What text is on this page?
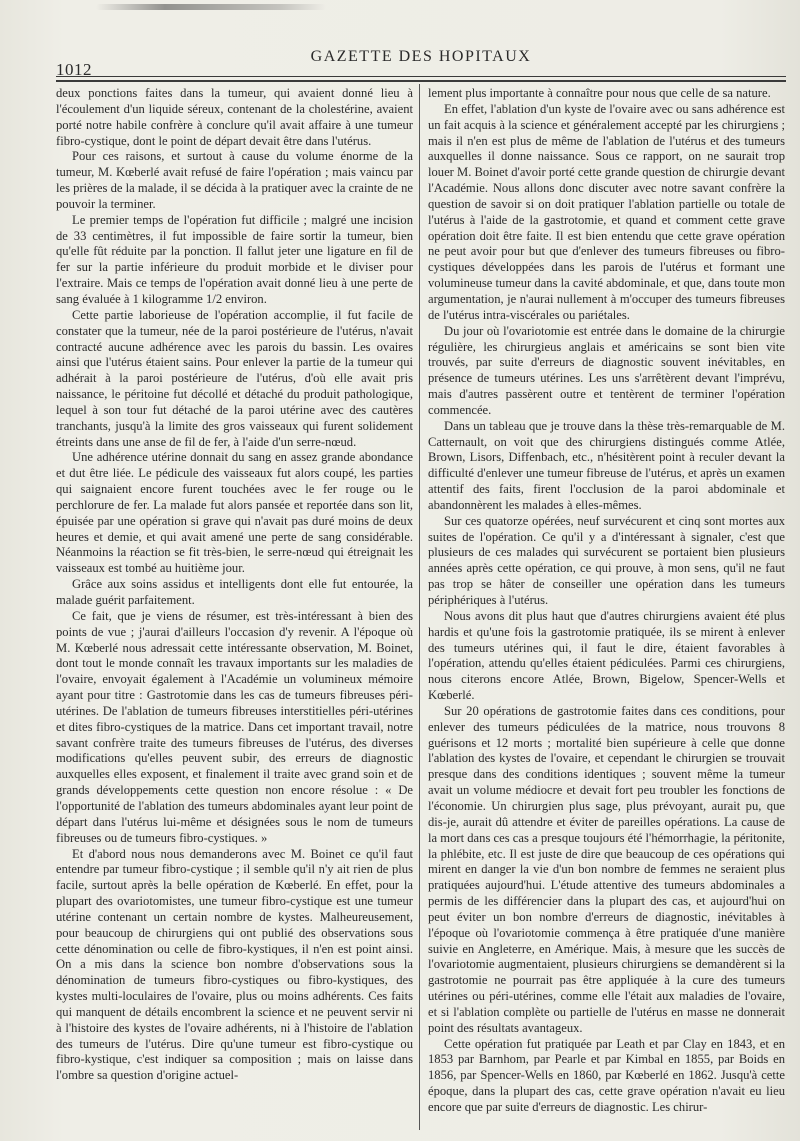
1012
GAZETTE DES HOPITAUX

deux ponctions faites dans la tumeur, qui avaient donné lieu à l'écoulement d'un liquide séreux, contenant de la cholestérine, avaient porté notre habile confrère à conclure qu'il avait affaire à une tumeur fibro-cystique, dont le point de départ devait être dans l'utérus.

Pour ces raisons, et surtout à cause du volume énorme de la tumeur, M. Kœberlé avait refusé de faire l'opération ; mais vaincu par les prières de la malade, il se décida à la pratiquer avec la crainte de ne pouvoir la terminer.

Le premier temps de l'opération fut difficile ; malgré une incision de 33 centimètres, il fut impossible de faire sortir la tumeur, bien qu'elle fût réduite par la ponction. Il fallut jeter une ligature en fil de fer sur la partie inférieure du produit morbide et le diviser pour l'extraire. Mais ce temps de l'opération avait donné lieu à une perte de sang évaluée à 1 kilogramme 1/2 environ.

Cette partie laborieuse de l'opération accomplie, il fut facile de constater que la tumeur, née de la paroi postérieure de l'utérus, n'avait contracté aucune adhérence avec les parois du bassin. Les ovaires ainsi que l'utérus étaient sains. Pour enlever la partie de la tumeur qui adhérait à la paroi postérieure de l'utérus, d'où elle avait pris naissance, le péritoine fut décollé et détaché du produit pathologique, lequel à son tour fut détaché de la paroi utérine avec des cautères tranchants, jusqu'à la limite des gros vaisseaux qui furent solidement étreints dans une anse de fil de fer, à l'aide d'un serre-nœud.

Une adhérence utérine donnait du sang en assez grande abondance et dut être liée. Le pédicule des vaisseaux fut alors coupé, les parties qui saignaient encore furent touchées avec le fer rouge ou le perchlorure de fer. La malade fut alors pansée et reportée dans son lit, épuisée par une opération si grave qui n'avait pas duré moins de deux heures et demie, et qui avait amené une perte de sang considérable. Néanmoins la réaction se fit très-bien, le serre-nœud qui étreignait les vaisseaux est tombé au huitième jour.

Grâce aux soins assidus et intelligents dont elle fut entourée, la malade guérit parfaitement.

Ce fait, que je viens de résumer, est très-intéressant à bien des points de vue ; j'aurai d'ailleurs l'occasion d'y revenir. A l'époque où M. Kœberlé nous adressait cette intéressante observation, M. Boinet, dont tout le monde connaît les travaux importants sur les maladies de l'ovaire, envoyait également à l'Académie un volumineux mémoire ayant pour titre : Gastrotomie dans les cas de tumeurs fibreuses péri-utérines. De l'ablation de tumeurs fibreuses interstitielles péri-utérines et dites fibro-cystiques de la matrice. Dans cet important travail, notre savant confrère traite des tumeurs fibreuses de l'utérus, des diverses modifications qu'elles peuvent subir, des erreurs de diagnostic auxquelles elles exposent, et finalement il traite avec grand soin et de grands développements cette question non encore résolue : « De l'opportunité de l'ablation des tumeurs abdominales ayant leur point de départ dans l'utérus lui-même et désignées sous le nom de tumeurs fibreuses ou de tumeurs fibro-cystiques. »

Et d'abord nous nous demanderons avec M. Boinet ce qu'il faut entendre par tumeur fibro-cystique ; il semble qu'il n'y ait rien de plus facile, surtout après la belle opération de Kœberlé. En effet, pour la plupart des ovariotomistes, une tumeur fibro-cystique est une tumeur utérine contenant un certain nombre de kystes. Malheureusement, pour beaucoup de chirurgiens qui ont publié des observations sous cette dénomination ou celle de fibro-kystiques, il n'en est point ainsi. On a mis dans la science bon nombre d'observations sous la dénomination de tumeurs fibro-cystiques ou fibro-kystiques, des kystes multi-loculaires de l'ovaire, plus ou moins adhérents. Ces faits qui manquent de détails encombrent la science et ne peuvent servir ni à l'histoire des kystes de l'ovaire adhérents, ni à l'histoire de l'ablation des tumeurs de l'utérus. Dire qu'une tumeur est fibro-cystique ou fibro-kystique, c'est indiquer sa composition ; mais on laisse dans l'ombre sa question d'origine actuel-

lement plus importante à connaître pour nous que celle de sa nature.

En effet, l'ablation d'un kyste de l'ovaire avec ou sans adhérence est un fait acquis à la science et généralement accepté par les chirurgiens ; mais il n'en est plus de même de l'ablation de l'utérus et des tumeurs auxquelles il donne naissance. Sous ce rapport, on ne saurait trop louer M. Boinet d'avoir porté cette grande question de chirurgie devant l'Académie. Nous allons donc discuter avec notre savant confrère la question de savoir si on doit pratiquer l'ablation partielle ou totale de l'utérus à l'aide de la gastrotomie, et quand et comment cette grave opération doit être faite. Il est bien entendu que cette grave opération ne peut avoir pour but que d'enlever des tumeurs fibreuses ou fibro-cystiques développées dans les parois de l'utérus et formant une volumineuse tumeur dans la cavité abdominale, et que, dans toute mon argumentation, je n'aurai nullement à m'occuper des tumeurs fibreuses de l'utérus intra-viscérales ou pariétales.

Du jour où l'ovariotomie est entrée dans le domaine de la chirurgie régulière, les chirurgieus anglais et américains se sont bien vite trouvés, par suite d'erreurs de diagnostic souvent inévitables, en présence de tumeurs utérines. Les uns s'arrêtèrent devant l'imprévu, mais d'autres passèrent outre et tentèrent de terminer l'opération commencée.

Dans un tableau que je trouve dans la thèse très-remarquable de M. Catternault, on voit que des chirurgiens distingués comme Atlée, Brown, Lisors, Diffenbach, etc., n'hésitèrent point à reculer devant la difficulté d'enlever une tumeur fibreuse de l'utérus, et après un examen attentif des faits, firent l'occlusion de la paroi abdominale et abandonnèrent les malades à elles-mêmes.

Sur ces quatorze opérées, neuf survécurent et cinq sont mortes aux suites de l'opération. Ce qu'il y a d'intéressant à signaler, c'est que plusieurs de ces malades qui survécurent se portaient bien plusieurs années après cette opération, ce qui prouve, à mon sens, qu'il ne faut pas trop se hâter de conseiller une opération dans les tumeurs périphériques à l'utérus.

Nous avons dit plus haut que d'autres chirurgiens avaient été plus hardis et qu'une fois la gastrotomie pratiquée, ils se mirent à enlever des tumeurs utérines qui, il faut le dire, étaient favorables à l'opération, attendu qu'elles étaient pédiculées. Parmi ces chirurgiens, nous citerons encore Atlée, Brown, Bigelow, Spencer-Wells et Kœberlé.

Sur 20 opérations de gastrotomie faites dans ces conditions, pour enlever des tumeurs pédiculées de la matrice, nous trouvons 8 guérisons et 12 morts ; mortalité bien supérieure à celle que donne l'ablation des kystes de l'ovaire, et cependant le chirurgien se trouvait presque dans des conditions identiques ; souvent même la tumeur avait un volume médiocre et devait fort peu troubler les fonctions de l'économie. Un chirurgien plus sage, plus prévoyant, aurait pu, que dis-je, aurait dû attendre et éviter de pareilles opérations. La cause de la mort dans ces cas a presque toujours été l'hémorrhagie, la péritonite, la phlébite, etc. Il est juste de dire que beaucoup de ces opérations qui mirent en danger la vie d'un bon nombre de femmes ne seraient plus pratiquées aujourd'hui. L'étude attentive des tumeurs abdominales a permis de les différencier dans la plupart des cas, et aujourd'hui on peut éviter un bon nombre d'erreurs de diagnostic, inévitables à l'époque où l'ovariotomie commença à être pratiquée d'une manière suivie en Angleterre, en Amérique. Mais, à mesure que les succès de l'ovariotomie augmentaient, plusieurs chirurgiens se demandèrent si la gastrotomie ne pourrait pas être appliquée à la cure des tumeurs utérines ou péri-utérines, comme elle l'était aux maladies de l'ovaire, et si l'ablation complète ou partielle de l'utérus en masse ne donnerait point des résultats avantageux.

Cette opération fut pratiquée par Leath et par Clay en 1843, et en 1853 par Barnhom, par Pearle et par Kimbal en 1855, par Boids en 1856, par Spencer-Wells en 1860, par Kœberlé en 1862. Jusqu'à cette époque, dans la plupart des cas, cette grave opération n'avait eu lieu encore que par suite d'erreurs de diagnostic. Les chirur-
